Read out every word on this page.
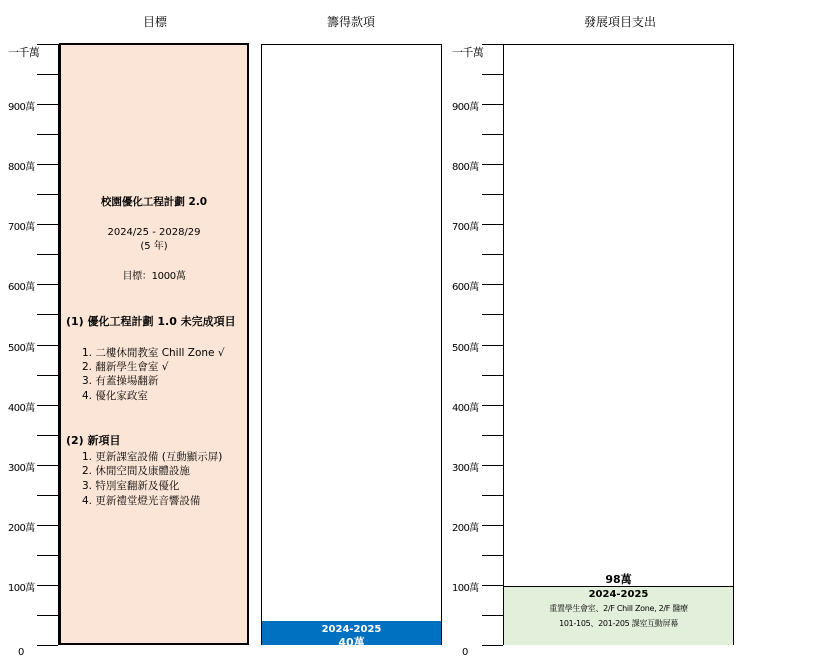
目標	籌得款項	發展項目支出
0
100萬
200萬
300萬
400萬
500萬
600萬
700萬
800萬
900萬
一千萬
0
100萬
200萬
300萬
400萬
500萬
600萬
700萬
800萬
900萬
一千萬
校園優化工程計劃 2.0
2024/25 - 2028/29
(5 年)
目標：1000萬
(1) 優化工程計劃 1.0 未完成項目
1. 二樓休閒教室 Chill Zone √
2. 翻新學生會室 √
3. 有蓋操場翻新
4. 優化家政室
(2) 新項目
1. 更新課室設備 (互動顯示屏)
2. 休閒空間及康體設施
3. 特別室翻新及優化
4. 更新禮堂燈光音響設備
2024-2025
40萬
2024-2025
重置學生會室、2/F Chill Zone, 2/F 醫療
101-105、201-205 課室互動屏幕
98萬
